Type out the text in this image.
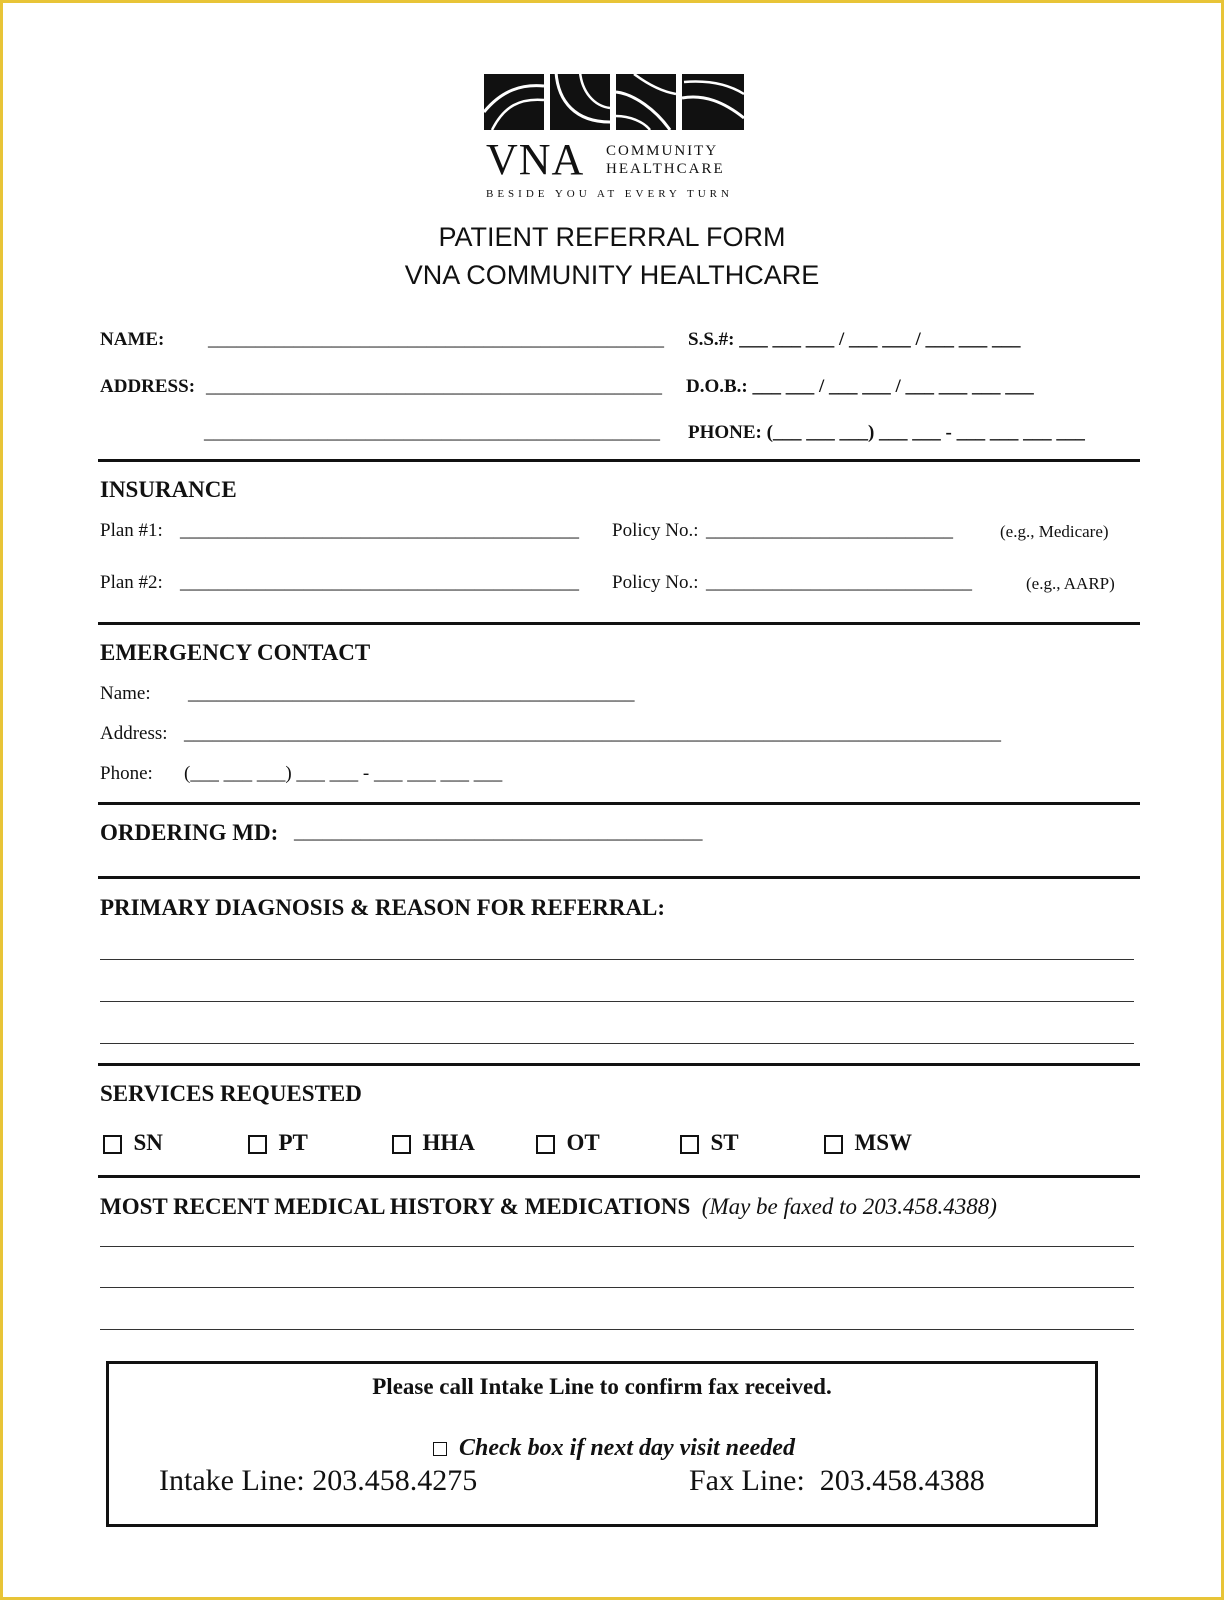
VNA

COMMUNITY

HEALTHCARE

BESIDE YOU AT EVERY TURN

PATIENT REFERRAL FORM
VNA COMMUNITY HEALTHCARE
NAME: ________________________________________________ S.S.#: ___ ___ ___ / ___ ___ / ___ ___ ___
ADDRESS: ________________________________________________ D.O.B.: ___ ___ / ___ ___ / ___ ___ ___ ___
________________________________________________ PHONE: (___ ___ ___) ___ ___ - ___ ___ ___ ___
INSURANCE
Plan #1: __________________________________________ Policy No.: __________________________	(e.g., Medicare)
Plan #2: __________________________________________ Policy No.: ____________________________	(e.g., AARP)
EMERGENCY CONTACT
Name: _______________________________________________
Address: ______________________________________________________________________________________
Phone: (___ ___ ___) ___ ___ - ___ ___ ___ ___
ORDERING MD: ___________________________________________
PRIMARY DIAGNOSIS & REASON FOR REFERRAL:
SERVICES REQUESTED
SN	PT	HHA	OT	ST	MSW
MOST RECENT MEDICAL HISTORY & MEDICATIONS (May be faxed to 203.458.4388)
Please call Intake Line to confirm fax received.

Check box if next day visit needed

Intake Line: 203.458.4275	Fax Line:  203.458.4388
